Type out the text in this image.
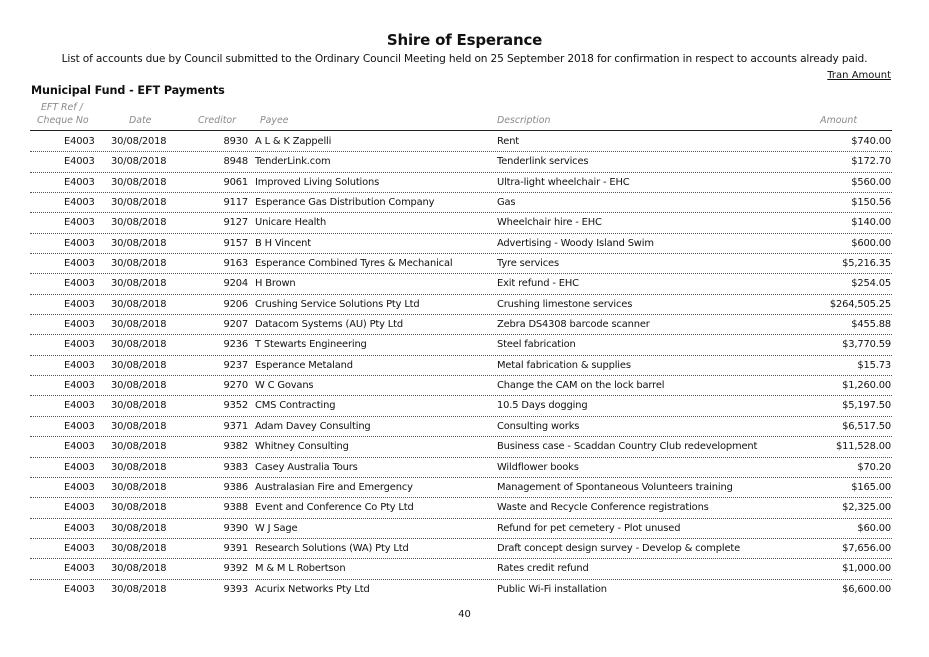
Shire of Esperance
List of accounts due by Council submitted to the Ordinary Council Meeting held on 25 September 2018 for confirmation in respect to accounts already paid.
Tran Amount
Municipal Fund - EFT Payments
EFT Ref /
Cheque No	Date	Creditor	Payee	Description	Amount
E4003 30/08/2018	8930 A L & K Zappelli	Rent	$740.00
E4003 30/08/2018	8948 TenderLink.com	Tenderlink services	$172.70
E4003 30/08/2018	9061 Improved Living Solutions	Ultra-light wheelchair - EHC	$560.00
E4003 30/08/2018	9117 Esperance Gas Distribution Company	Gas	$150.56
E4003 30/08/2018	9127 Unicare Health	Wheelchair hire - EHC	$140.00
E4003 30/08/2018	9157 B H Vincent	Advertising - Woody Island Swim	$600.00
E4003 30/08/2018	9163 Esperance Combined Tyres & Mechanical	Tyre services	$5,216.35
E4003 30/08/2018	9204 H Brown	Exit refund - EHC	$254.05
E4003 30/08/2018	9206 Crushing Service Solutions Pty Ltd	Crushing limestone services	$264,505.25
E4003 30/08/2018	9207 Datacom Systems (AU) Pty Ltd	Zebra DS4308 barcode scanner	$455.88
E4003 30/08/2018	9236 T Stewarts Engineering	Steel fabrication	$3,770.59
E4003 30/08/2018	9237 Esperance Metaland	Metal fabrication & supplies	$15.73
E4003 30/08/2018	9270 W C Govans	Change the CAM on the lock barrel	$1,260.00
E4003 30/08/2018	9352 CMS Contracting	10.5 Days dogging	$5,197.50
E4003 30/08/2018	9371 Adam Davey Consulting	Consulting works	$6,517.50
E4003 30/08/2018	9382 Whitney Consulting	Business case - Scaddan Country Club redevelopment	$11,528.00
E4003 30/08/2018	9383 Casey Australia Tours	Wildflower books	$70.20
E4003 30/08/2018	9386 Australasian Fire and Emergency	Management of Spontaneous Volunteers training	$165.00
E4003 30/08/2018	9388 Event and Conference Co Pty Ltd	Waste and Recycle Conference registrations	$2,325.00
E4003 30/08/2018	9390 W J Sage	Refund for pet cemetery - Plot unused	$60.00
E4003 30/08/2018	9391 Research Solutions (WA) Pty Ltd	Draft concept design survey - Develop & complete	$7,656.00
E4003 30/08/2018	9392 M & M L Robertson	Rates credit refund	$1,000.00
E4003 30/08/2018	9393 Acurix Networks Pty Ltd	Public Wi-Fi installation	$6,600.00
40
